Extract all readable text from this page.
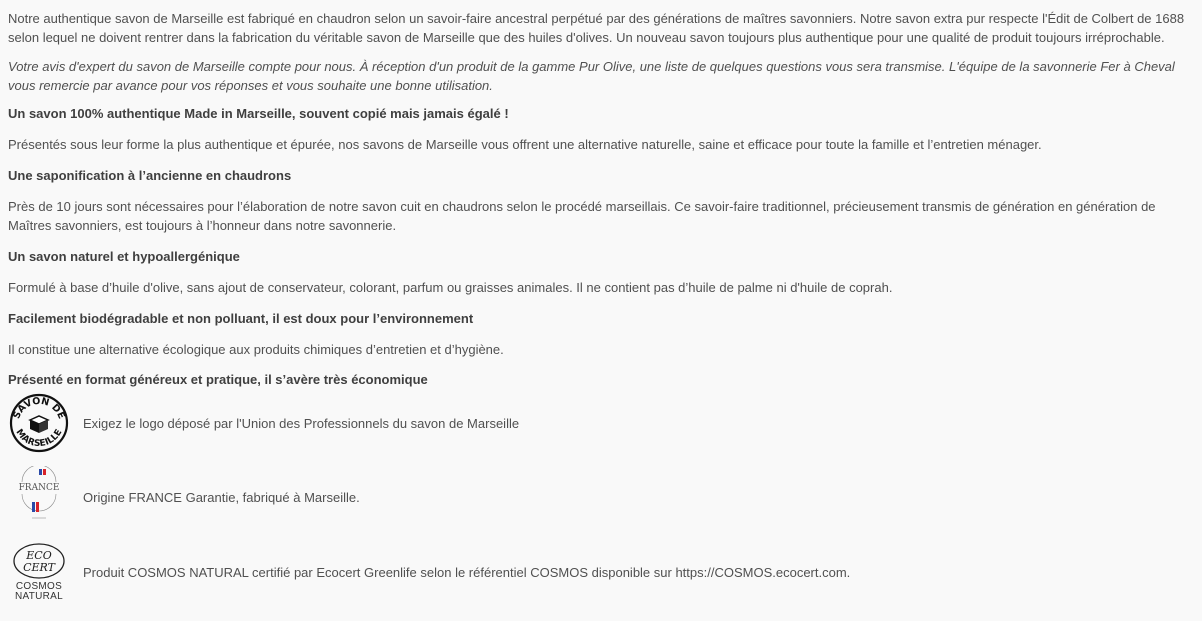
Notre authentique savon de Marseille est fabriqué en chaudron selon un savoir-faire ancestral perpétué par des générations de maîtres savonniers. Notre savon extra pur respecte l'Édit de Colbert de 1688 selon lequel ne doivent rentrer dans la fabrication du véritable savon de Marseille que des huiles d'olives. Un nouveau savon toujours plus authentique pour une qualité de produit toujours irréprochable.

Votre avis d'expert du savon de Marseille compte pour nous. À réception d'un produit de la gamme Pur Olive, une liste de quelques questions vous sera transmise. L'équipe de la savonnerie Fer à Cheval vous remercie par avance pour vos réponses et vous souhaite une bonne utilisation.

Un savon 100% authentique Made in Marseille, souvent copié mais jamais égalé !

Présentés sous leur forme la plus authentique et épurée, nos savons de Marseille vous offrent une alternative naturelle, saine et efficace pour toute la famille et l’entretien ménager.

Une saponification à l’ancienne en chaudrons

Près de 10 jours sont nécessaires pour l’élaboration de notre savon cuit en chaudrons selon le procédé marseillais. Ce savoir-faire traditionnel, précieusement transmis de génération en génération de Maîtres savonniers, est toujours à l’honneur dans notre savonnerie.

Un savon naturel et hypoallergénique

Formulé à base d’huile d'olive, sans ajout de conservateur, colorant, parfum ou graisses animales. Il ne contient pas d’huile de palme ni d'huile de coprah.

Facilement biodégradable et non polluant, il est doux pour l’environnement

Il constitue une alternative écologique aux produits chimiques d’entretien et d’hygiène.

Présenté en format généreux et pratique, il s’avère très économique

SAVON DE
MARSEILLE
Exigez le logo déposé par l'Union des Professionnels du savon de Marseille
FRANCE
Origine FRANCE Garantie, fabriqué à Marseille.
ECO
CERT
COSMOS
NATURAL
Produit COSMOS NATURAL certifié par Ecocert Greenlife selon le référentiel COSMOS disponible sur https://COSMOS.ecocert.com.
